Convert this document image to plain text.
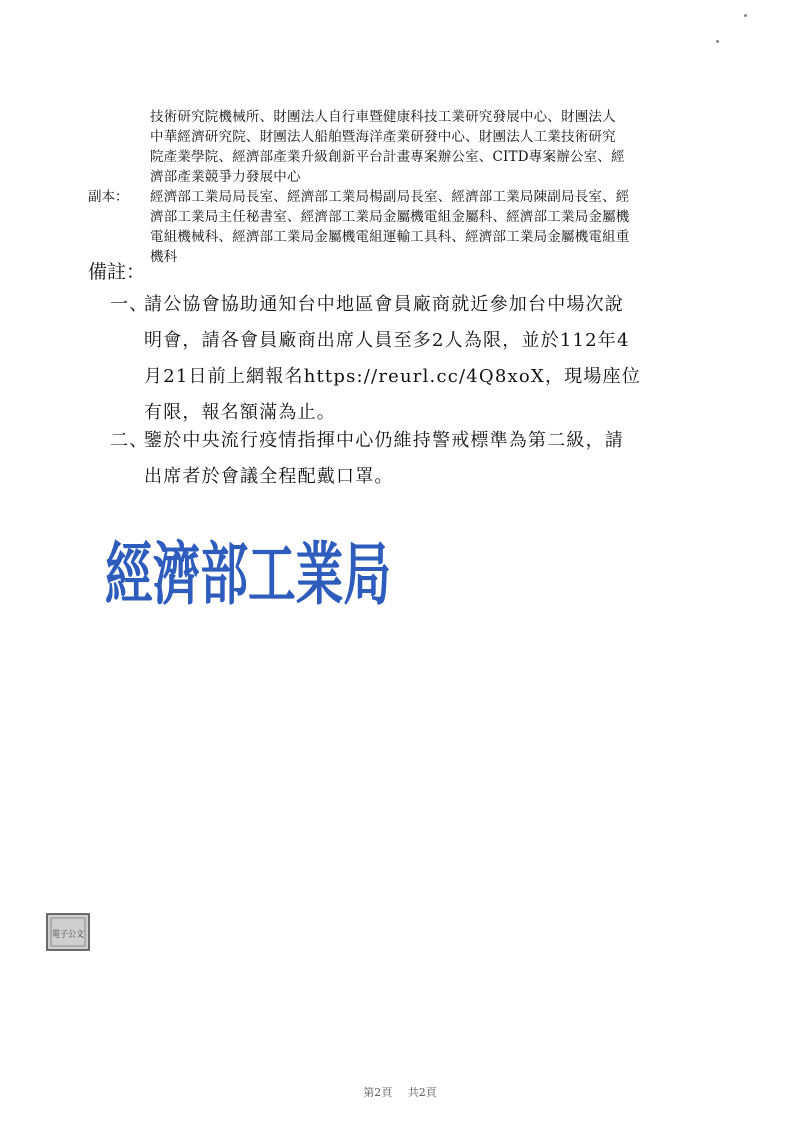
技術研究院機械所、財團法人自行車暨健康科技工業研究發展中心、財團法人

中華經濟研究院、財團法人船舶暨海洋產業研發中心、財團法人工業技術研究

院產業學院、經濟部產業升級創新平台計畫專案辦公室、CITD專案辦公室、經

濟部產業競爭力發展中心

副本： 經濟部工業局局長室、經濟部工業局楊副局長室、經濟部工業局陳副局長室、經

濟部工業局主任秘書室、經濟部工業局金屬機電組金屬科、經濟部工業局金屬機

電組機械科、經濟部工業局金屬機電組運輸工具科、經濟部工業局金屬機電組重

機科

備註：
一、

請公協會協助通知台中地區會員廠商就近參加台中場次說

明會，請各會員廠商出席人員至多2人為限，並於112年4

月21日前上網報名https://reurl.cc/4Q8xoX，現場座位

有限，報名額滿為止。

二、

鑒於中央流行疫情指揮中心仍維持警戒標準為第二級，請

出席者於會議全程配戴口罩。

經濟部工業局
電子公文
第2頁 共2頁
